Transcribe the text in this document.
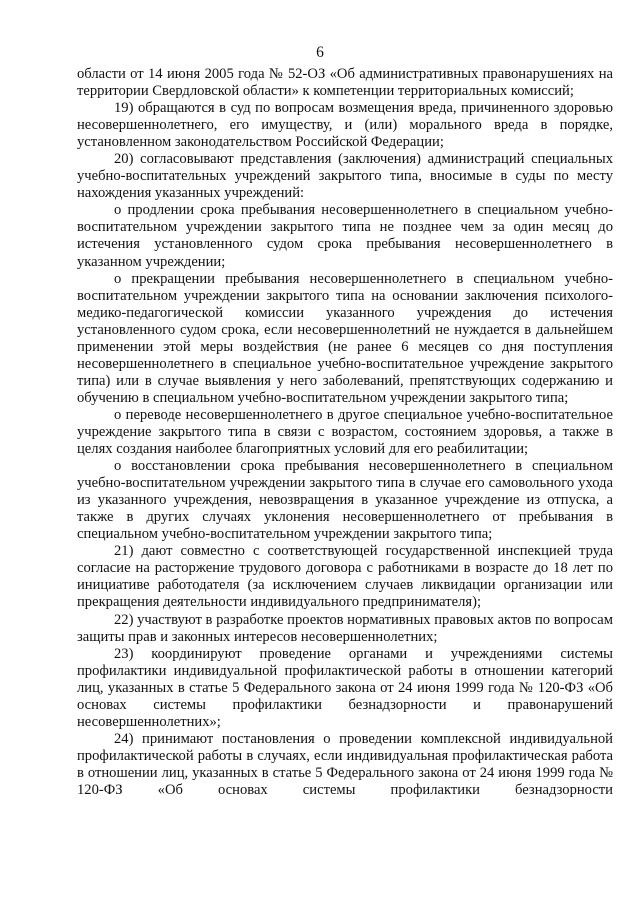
6

области от 14 июня 2005 года № 52-ОЗ «Об административных правонарушениях на территории Свердловской области» к компетенции территориальных комиссий;

19) обращаются в суд по вопросам возмещения вреда, причиненного здоровью несовершеннолетнего, его имуществу, и (или) морального вреда в порядке, установленном законодательством Российской Федерации;

20) согласовывают представления (заключения) администраций специальных учебно-воспитательных учреждений закрытого типа, вносимые в суды по месту нахождения указанных учреждений:

о продлении срока пребывания несовершеннолетнего в специальном учебно-воспитательном учреждении закрытого типа не позднее чем за один месяц до истечения установленного судом срока пребывания несовершеннолетнего в указанном учреждении;

о прекращении пребывания несовершеннолетнего в специальном учебно-воспитательном учреждении закрытого типа на основании заключения психолого-медико-педагогической комиссии указанного учреждения до истечения установленного судом срока, если несовершеннолетний не нуждается в дальнейшем применении этой меры воздействия (не ранее 6 месяцев со дня поступления несовершеннолетнего в специальное учебно-воспитательное учреждение закрытого типа) или в случае выявления у него заболеваний, препятствующих содержанию и обучению в специальном учебно-воспитательном учреждении закрытого типа;

о переводе несовершеннолетнего в другое специальное учебно-воспитательное учреждение закрытого типа в связи с возрастом, состоянием здоровья, а также в целях создания наиболее благоприятных условий для его реабилитации;

о восстановлении срока пребывания несовершеннолетнего в специальном учебно-воспитательном учреждении закрытого типа в случае его самовольного ухода из указанного учреждения, невозвращения в указанное учреждение из отпуска, а также в других случаях уклонения несовершеннолетнего от пребывания в специальном учебно-воспитательном учреждении закрытого типа;

21) дают совместно с соответствующей государственной инспекцией труда согласие на расторжение трудового договора с работниками в возрасте до 18 лет по инициативе работодателя (за исключением случаев ликвидации организации или прекращения деятельности индивидуального предпринимателя);

22) участвуют в разработке проектов нормативных правовых актов по вопросам защиты прав и законных интересов несовершеннолетних;

23) координируют проведение органами и учреждениями системы профилактики индивидуальной профилактической работы в отношении категорий лиц, указанных в статье 5 Федерального закона от 24 июня 1999 года № 120-ФЗ «Об основах системы профилактики безнадзорности и правонарушений несовершеннолетних»;

24) принимают постановления о проведении комплексной индивидуальной профилактической работы в случаях, если индивидуальная профилактическая работа в отношении лиц, указанных в статье 5 Федерального закона от 24 июня 1999 года № 120-ФЗ «Об основах системы профилактики безнадзорности
